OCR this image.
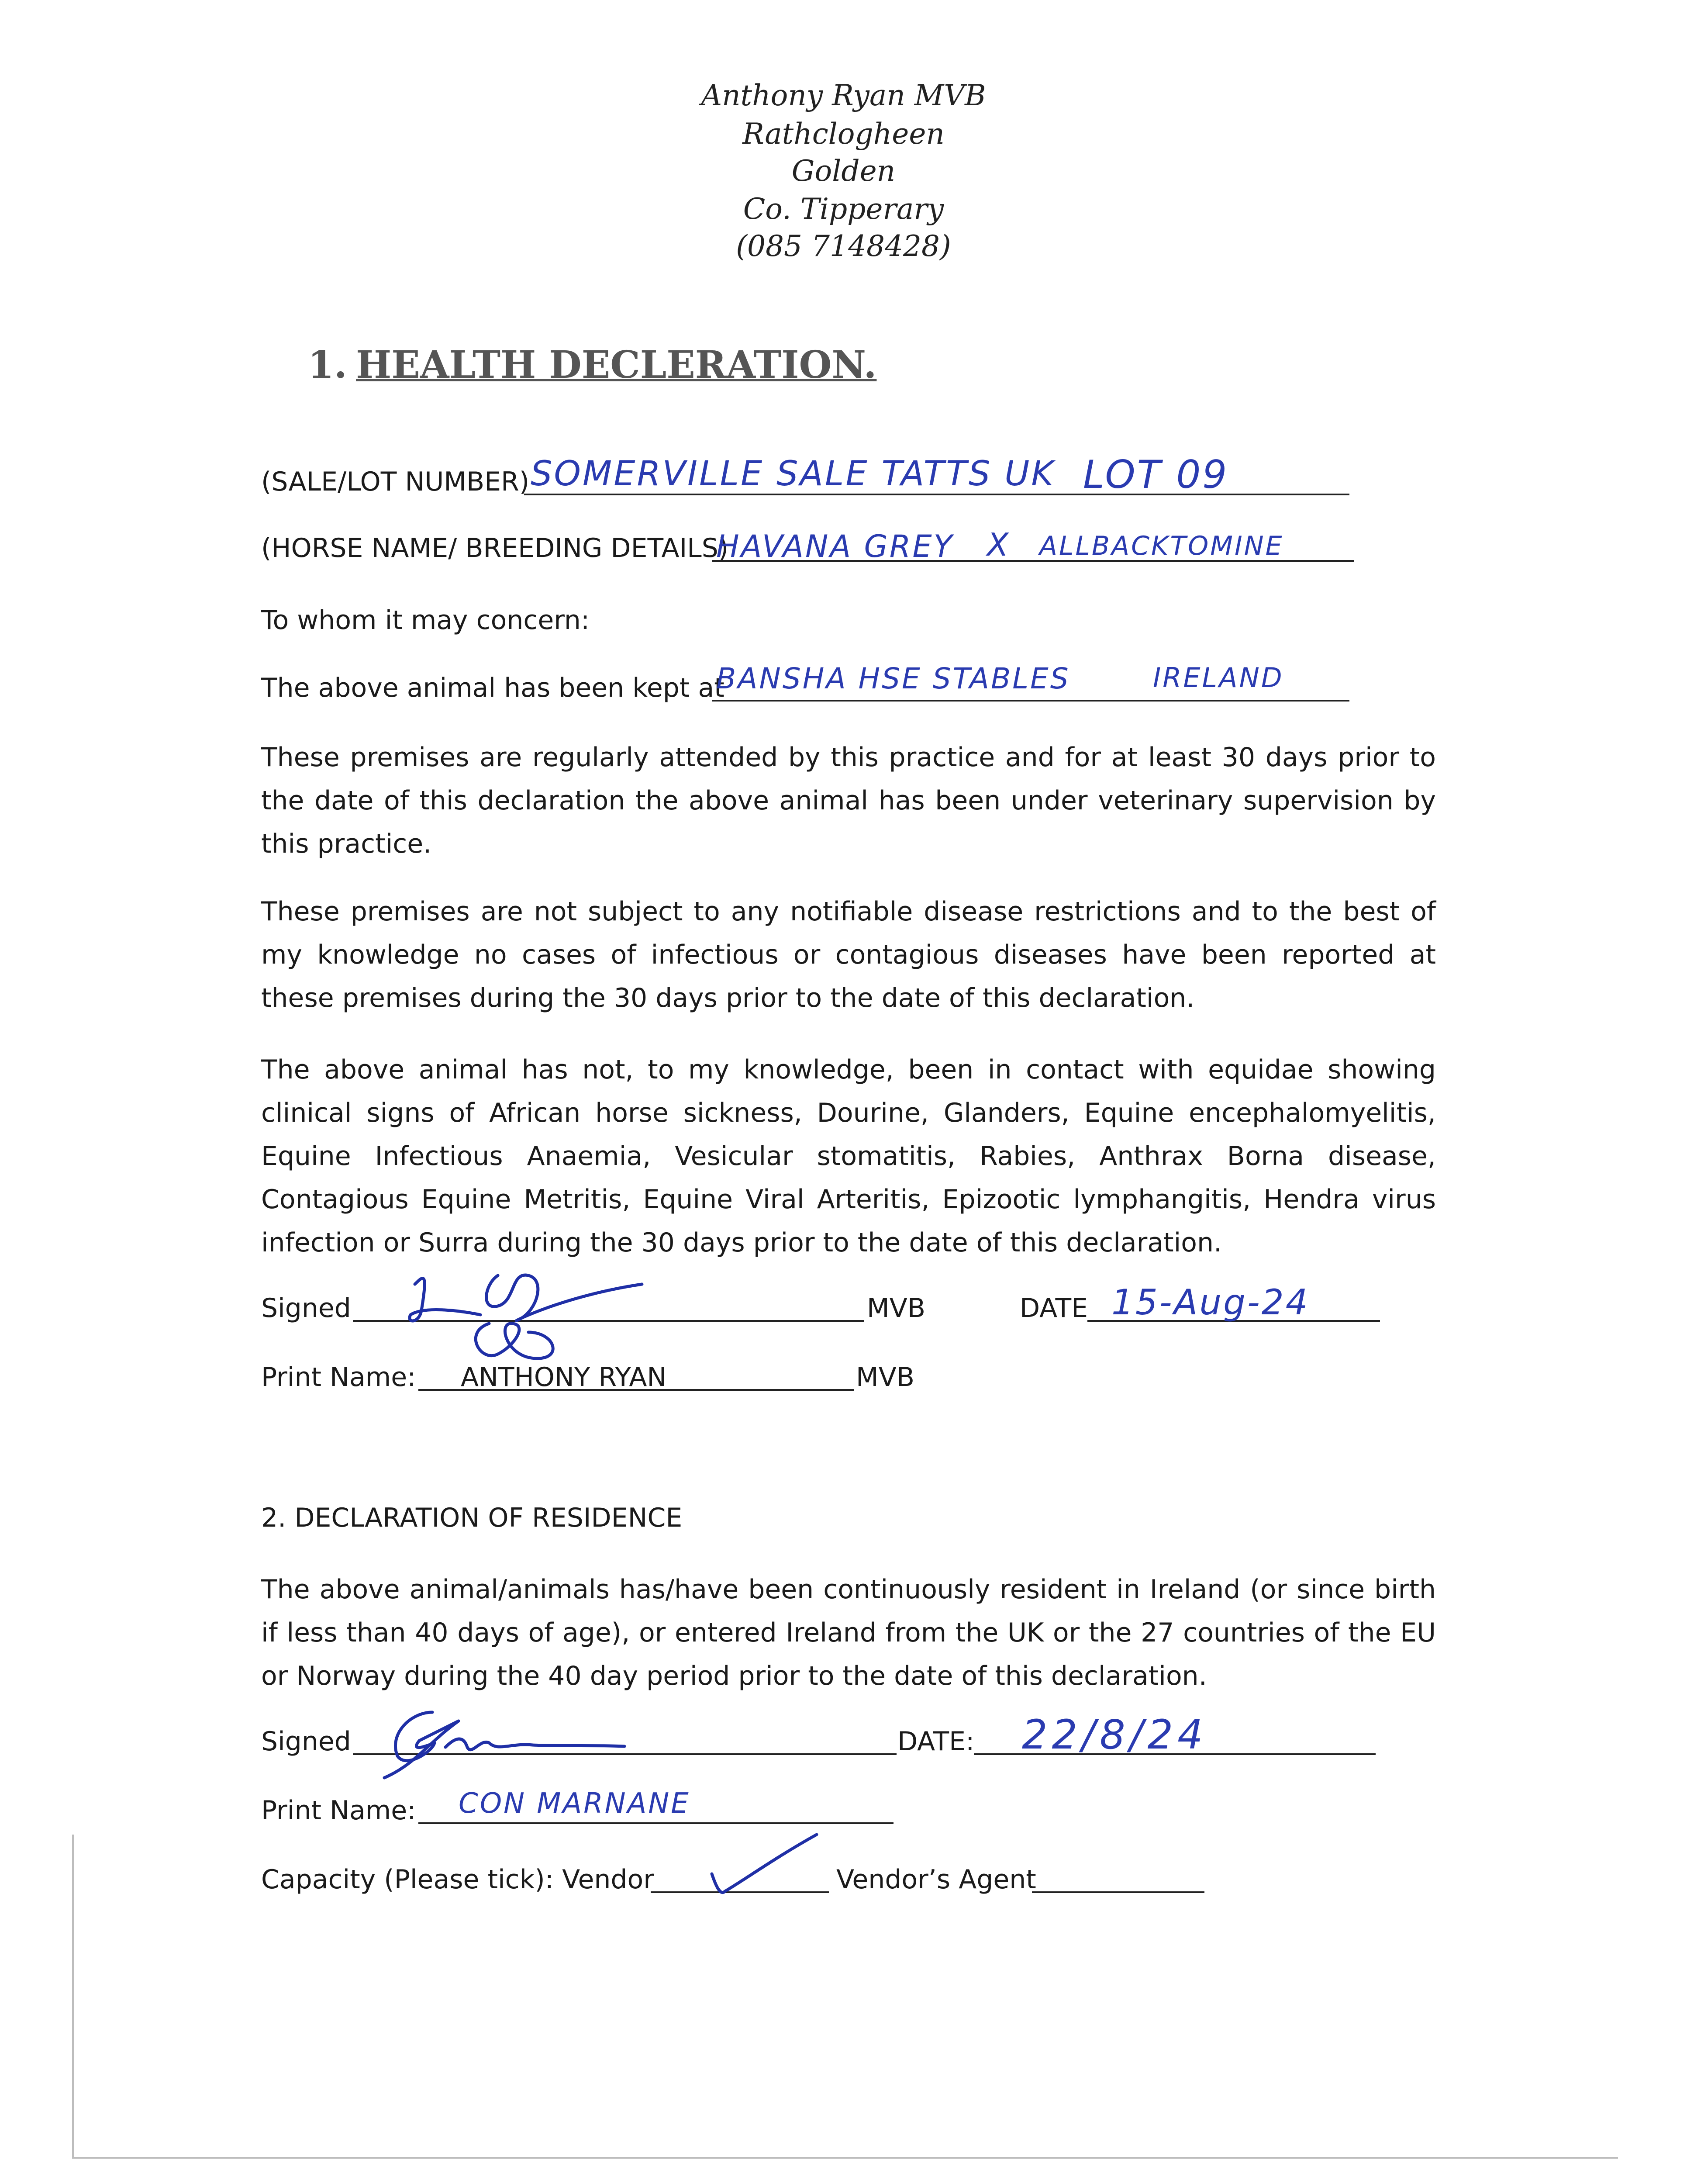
Anthony Ryan MVB
Rathclogheen
Golden
Co. Tipperary
(085 7148428)
1. HEALTH DECLERATION.
(SALE/LOT NUMBER) SOMERVILLE SALE TATTS UK LOT 09
(HORSE NAME/ BREEDING DETAILS)
HAVANA GREY X ALLBACKTOMINE
To whom it may concern:
The above animal has been kept at
BANSHA HSE STABLES	IRELAND
These premises are regularly attended by this practice and for at least 30 days prior to the date of this declaration the above animal has been under veterinary supervision by this practice.
These premises are not subject to any notifiable disease restrictions and to the best of my knowledge no cases of infectious or contagious diseases have been reported at these premises during the 30 days prior to the date of this declaration.
The above animal has not, to my knowledge, been in contact with equidae showing clinical signs of African horse sickness, Dourine, Glanders, Equine encephalomyelitis, Equine Infectious Anaemia, Vesicular stomatitis, Rabies, Anthrax Borna disease, Contagious Equine Metritis, Equine Viral Arteritis, Epizootic lymphangitis, Hendra virus infection or Surra during the 30 days prior to the date of this declaration.
Signed	MVB	DATE 15-Aug-24
Print Name: ANTHONY RYAN	MVB
2. DECLARATION OF RESIDENCE
The above animal/animals has/have been continuously resident in Ireland (or since birth if less than 40 days of age), or entered Ireland from the UK or the 27 countries of the EU or Norway during the 40 day period prior to the date of this declaration.
Signed	DATE: 22/8/24
Print Name: CON MARNANE
Capacity (Please tick): Vendor	Vendor’s Agent
